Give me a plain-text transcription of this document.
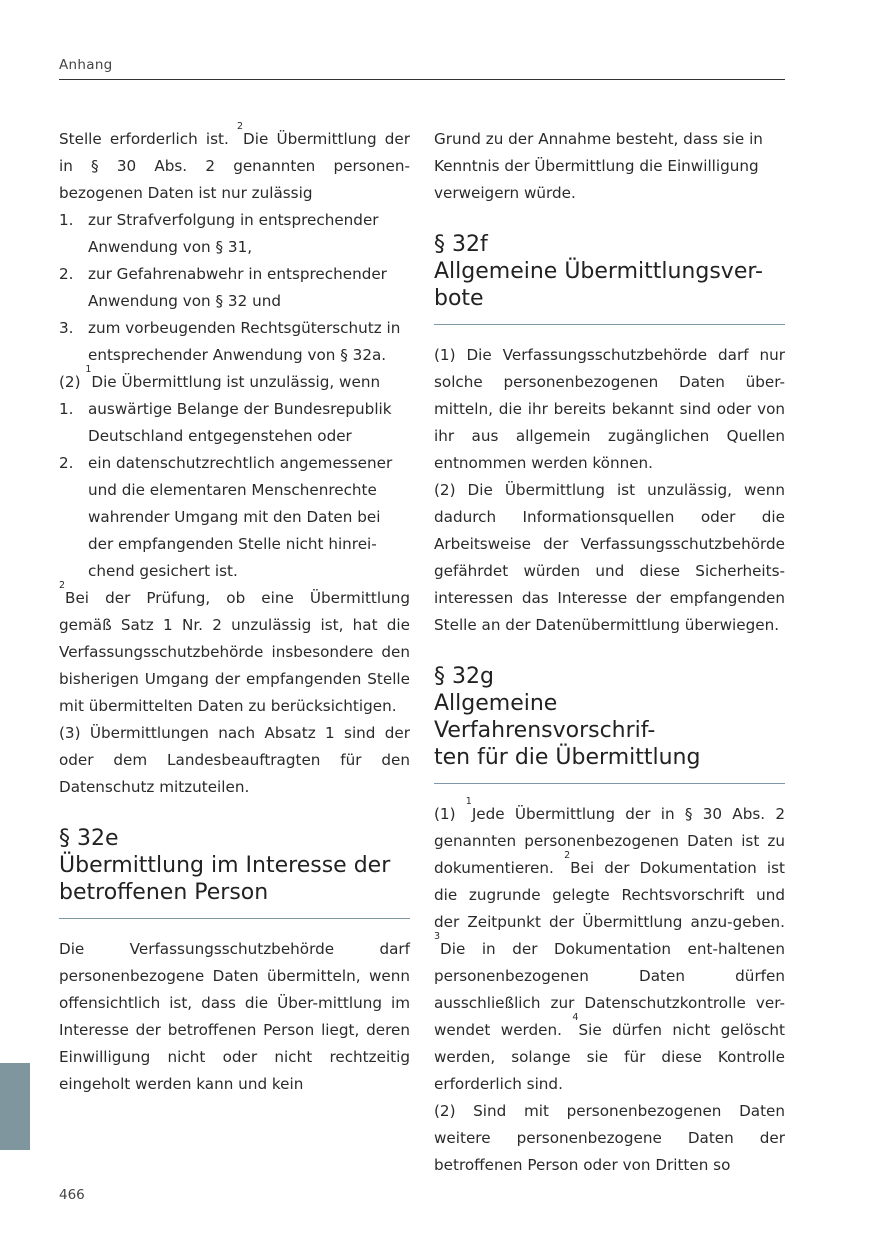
Anhang

Stelle erforderlich ist. $^2$Die Übermittlung der in § 30 Abs. 2 genannten personen-bezogenen Daten ist nur zulässig

1. zur Strafverfolgung in entsprechender Anwendung von § 31,
2. zur Gefahrenabwehr in entsprechender Anwendung von § 32 und
3. zum vorbeugenden Rechtsgüterschutz in entsprechender Anwendung von § 32a.

(2) $^1$Die Übermittlung ist unzulässig, wenn

1. auswärtige Belange der Bundesrepublik Deutschland entgegenstehen oder
2. ein datenschutzrechtlich angemessener und die elementaren Menschenrechte wahrender Umgang mit den Daten bei der empfangenden Stelle nicht hinrei-chend gesichert ist.

$^2$Bei der Prüfung, ob eine Übermittlung gemäß Satz 1 Nr. 2 unzulässig ist, hat die Verfassungsschutzbehörde insbesondere den bisherigen Umgang der empfangenden Stelle mit übermittelten Daten zu berücksichtigen.

(3) Übermittlungen nach Absatz 1 sind der oder dem Landesbeauftragten für den Datenschutz mitzuteilen.

§ 32e
Übermittlung im Interesse der
betroffenen Person

Die Verfassungsschutzbehörde darf personenbezogene Daten übermitteln, wenn offensichtlich ist, dass die Über-mittlung im Interesse der betroffenen Person liegt, deren Einwilligung nicht oder nicht rechtzeitig eingeholt werden kann und kein

Grund zu der Annahme besteht, dass sie in Kenntnis der Übermittlung die Einwilligung verweigern würde.

§ 32f
Allgemeine Übermittlungsver-
bote

(1) Die Verfassungsschutzbehörde darf nur solche personenbezogenen Daten über-mitteln, die ihr bereits bekannt sind oder von ihr aus allgemein zugänglichen Quellen entnommen werden können.

(2) Die Übermittlung ist unzulässig, wenn dadurch Informationsquellen oder die Arbeitsweise der Verfassungsschutzbehörde gefährdet würden und diese Sicherheits-interessen das Interesse der empfangenden Stelle an der Datenübermittlung überwiegen.

§ 32g
Allgemeine Verfahrensvorschrif-
ten für die Übermittlung

(1) $^1$Jede Übermittlung der in § 30 Abs. 2 genannten personenbezogenen Daten ist zu dokumentieren. $^2$Bei der Dokumentation ist die zugrunde gelegte Rechtsvorschrift und der Zeitpunkt der Übermittlung anzu-geben. $^3$Die in der Dokumentation ent-haltenen personenbezogenen Daten dürfen ausschließlich zur Datenschutzkontrolle ver-wendet werden. $^4$Sie dürfen nicht gelöscht werden, solange sie für diese Kontrolle erforderlich sind.

(2) Sind mit personenbezogenen Daten weitere personenbezogene Daten der betroffenen Person oder von Dritten so

466
